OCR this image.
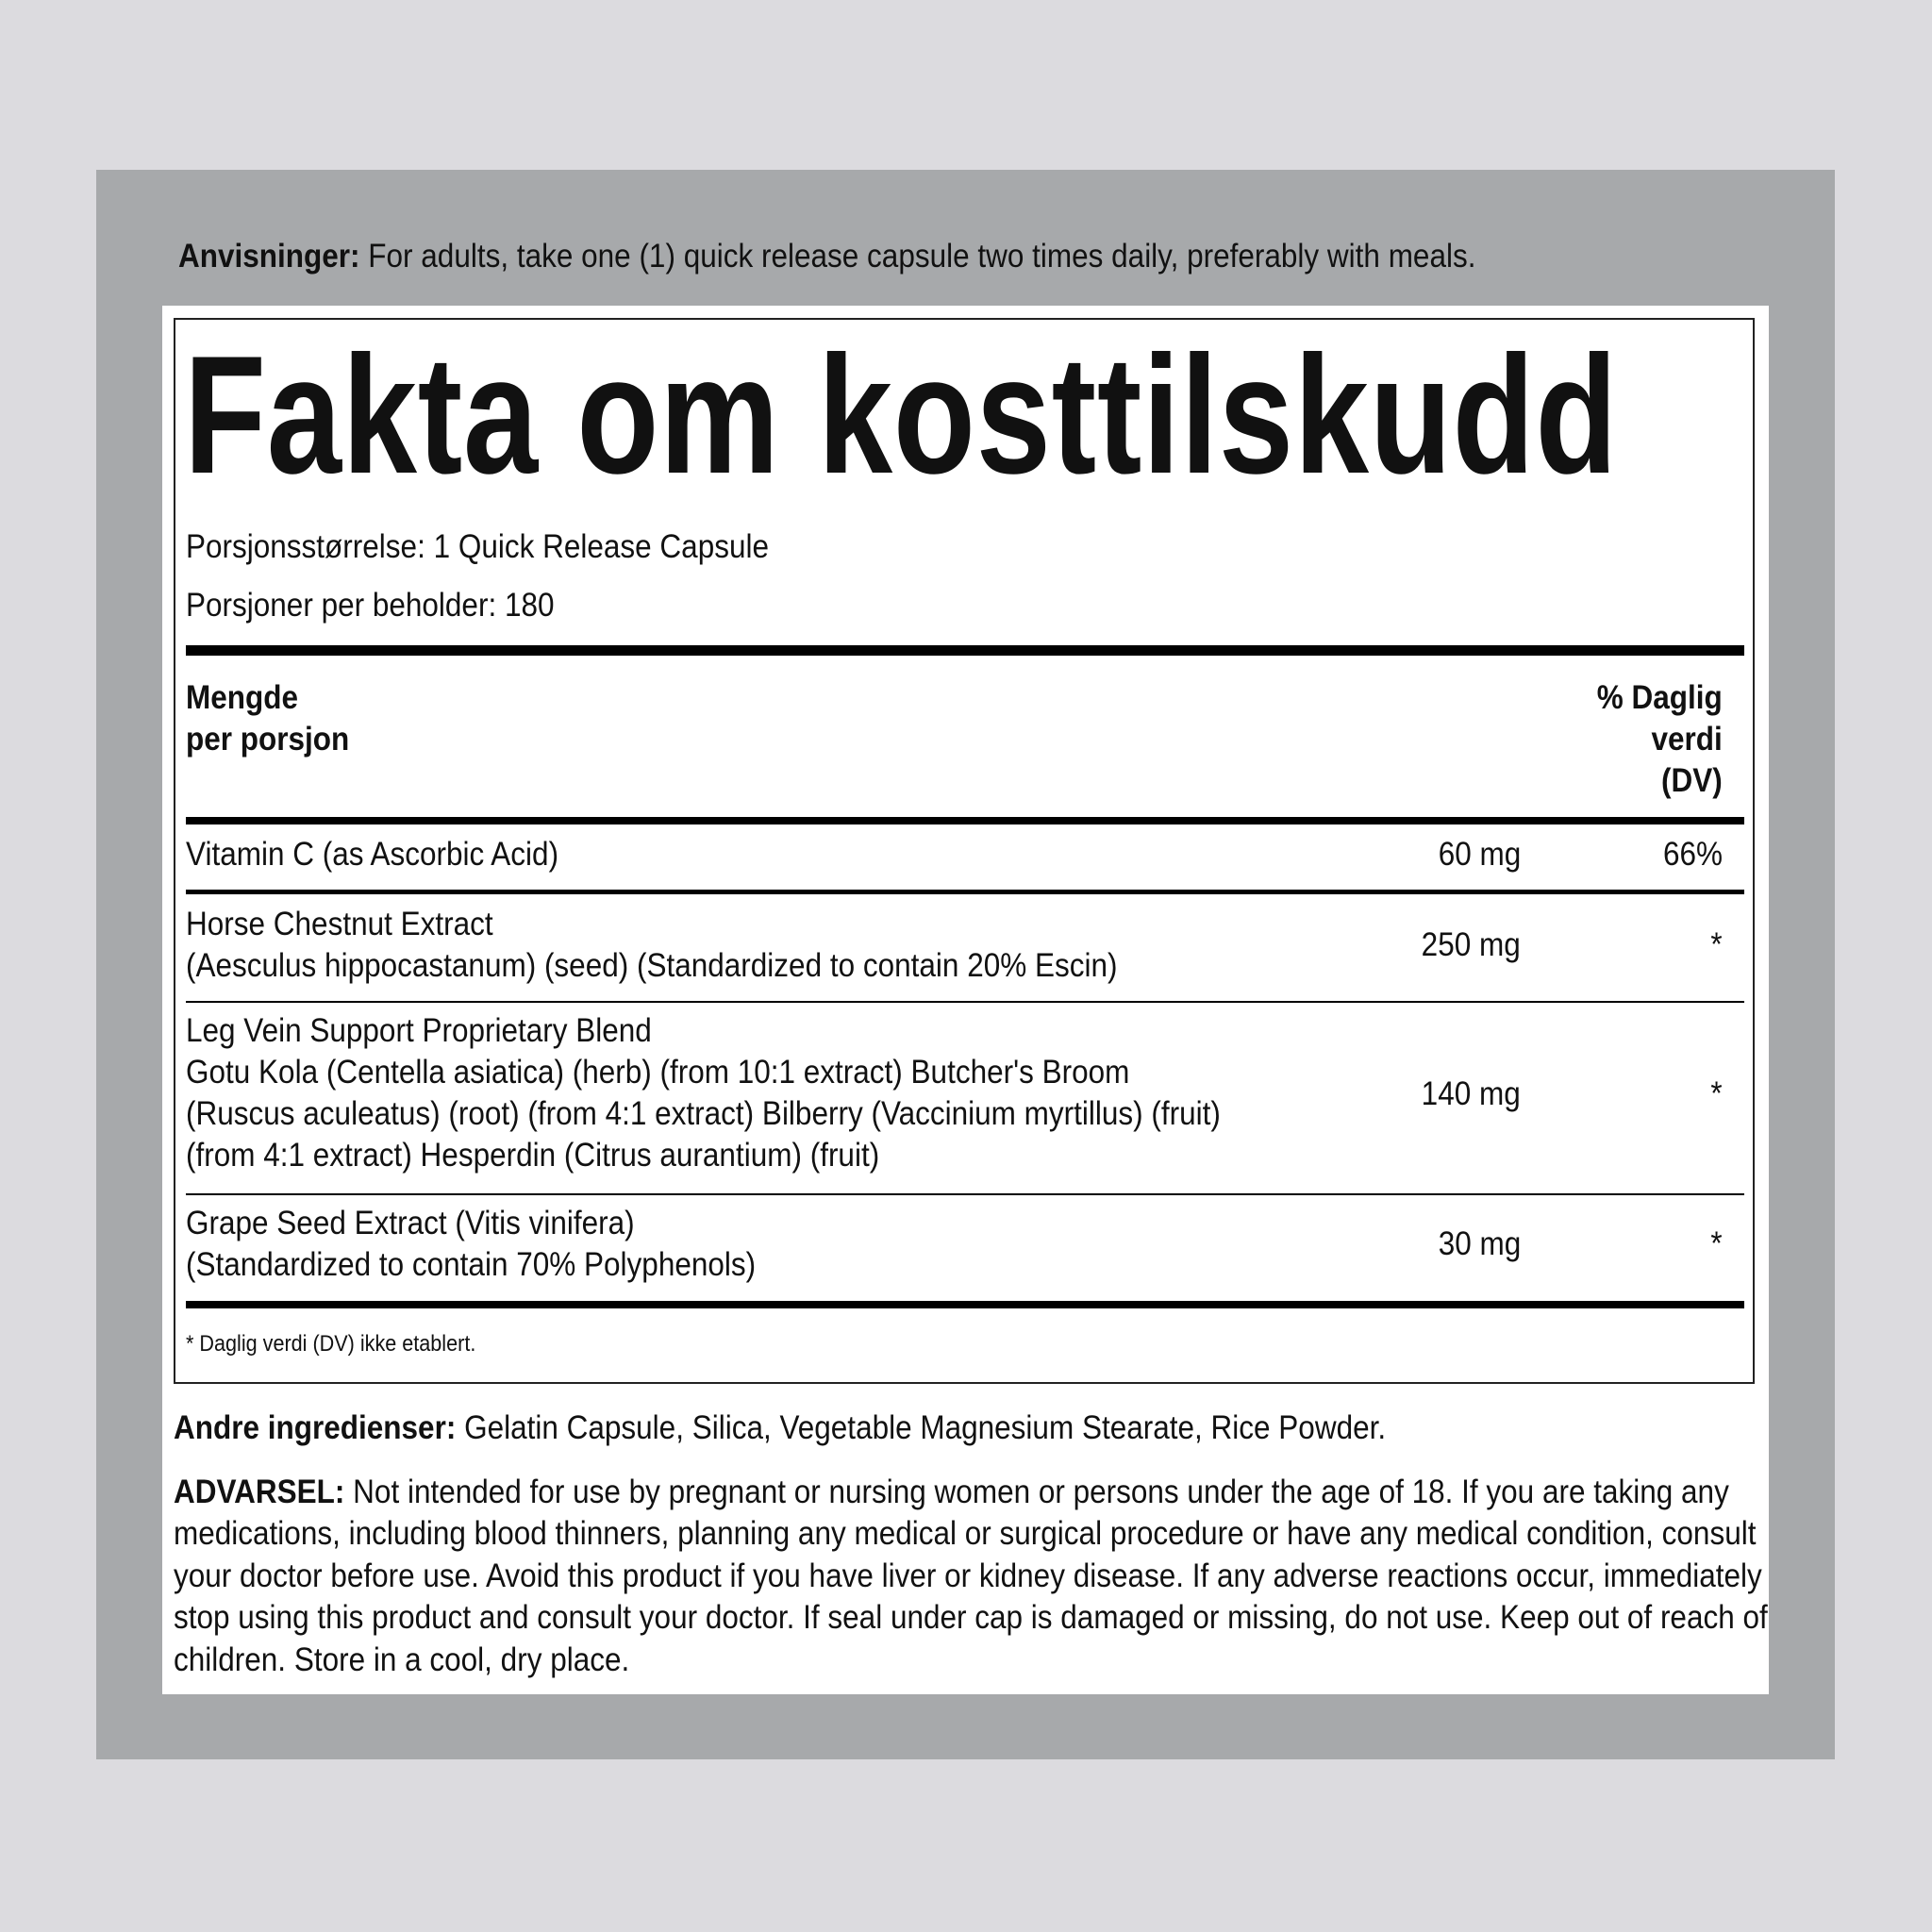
Anvisninger: For adults, take one (1) quick release capsule two times daily, preferably with meals.
Fakta om kosttilskudd
Porsjonsstørrelse: 1 Quick Release Capsule
Porsjoner per beholder: 180
Mengde
per porsjon
% Daglig
verdi
(DV)
Vitamin C (as Ascorbic Acid)	60 mg	66%
Horse Chestnut Extract
(Aesculus hippocastanum) (seed) (Standardized to contain 20% Escin)
250 mg	*
Leg Vein Support Proprietary Blend
Gotu Kola (Centella asiatica) (herb) (from 10:1 extract) Butcher's Broom
(Ruscus aculeatus) (root) (from 4:1 extract) Bilberry (Vaccinium myrtillus) (fruit)
(from 4:1 extract) Hesperdin (Citrus aurantium) (fruit)
140 mg	*
Grape Seed Extract (Vitis vinifera)
(Standardized to contain 70% Polyphenols)
30 mg	*
* Daglig verdi (DV) ikke etablert.
Andre ingredienser: Gelatin Capsule, Silica, Vegetable Magnesium Stearate, Rice Powder.
ADVARSEL: Not intended for use by pregnant or nursing women or persons under the age of 18. If you are taking any
medications, including blood thinners, planning any medical or surgical procedure or have any medical condition, consult
your doctor before use. Avoid this product if you have liver or kidney disease. If any adverse reactions occur, immediately
stop using this product and consult your doctor. If seal under cap is damaged or missing, do not use. Keep out of reach of
children. Store in a cool, dry place.
